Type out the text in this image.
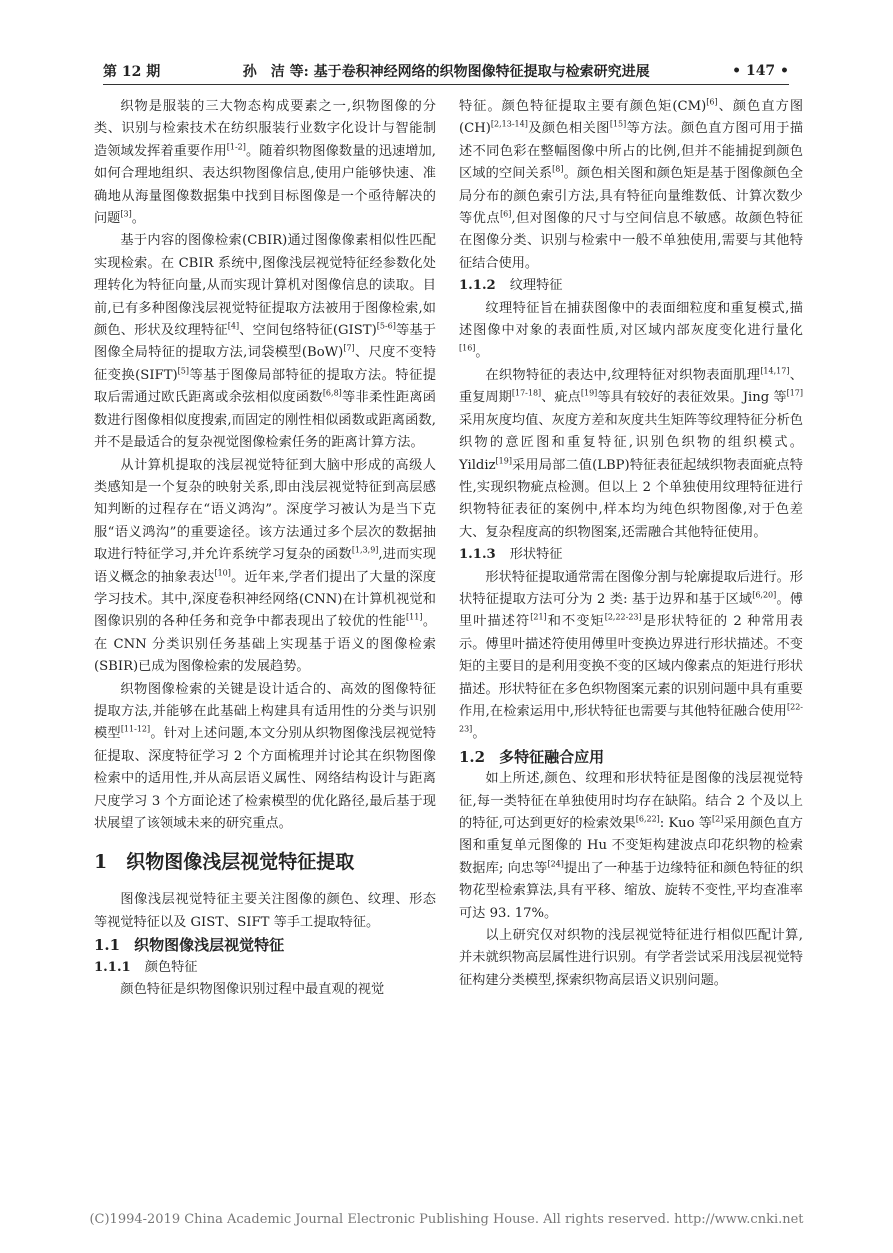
第 12 期	孙　洁 等: 基于卷积神经网络的织物图像特征提取与检索研究进展	• 147 •

织物是服装的三大物态构成要素之一,织物图像的分类、识别与检索技术在纺织服装行业数字化设计与智能制造领域发挥着重要作用[1-2]。随着织物图像数量的迅速增加,如何合理地组织、表达织物图像信息,使用户能够快速、准确地从海量图像数据集中找到目标图像是一个亟待解决的问题[3]。

基于内容的图像检索(CBIR)通过图像像素相似性匹配实现检索。在 CBIR 系统中,图像浅层视觉特征经参数化处理转化为特征向量,从而实现计算机对图像信息的读取。目前,已有多种图像浅层视觉特征提取方法被用于图像检索,如颜色、形状及纹理特征[4]、空间包络特征(GIST)[5-6]等基于图像全局特征的提取方法,词袋模型(BoW)[7]、尺度不变特征变换(SIFT)[5]等基于图像局部特征的提取方法。特征提取后需通过欧氏距离或余弦相似度函数[6,8]等非柔性距离函数进行图像相似度搜索,而固定的刚性相似函数或距离函数,并不是最适合的复杂视觉图像检索任务的距离计算方法。

从计算机提取的浅层视觉特征到大脑中形成的高级人类感知是一个复杂的映射关系,即由浅层视觉特征到高层感知判断的过程存在“语义鸿沟”。深度学习被认为是当下克服“语义鸿沟”的重要途径。该方法通过多个层次的数据抽取进行特征学习,并允许系统学习复杂的函数[1,3,9],进而实现语义概念的抽象表达[10]。近年来,学者们提出了大量的深度学习技术。其中,深度卷积神经网络(CNN)在计算机视觉和图像识别的各种任务和竞争中都表现出了较优的性能[11]。在 CNN 分类识别任务基础上实现基于语义的图像检索(SBIR)已成为图像检索的发展趋势。

织物图像检索的关键是设计适合的、高效的图像特征提取方法,并能够在此基础上构建具有适用性的分类与识别模型[11-12]。针对上述问题,本文分别从织物图像浅层视觉特征提取、深度特征学习 2 个方面梳理并讨论其在织物图像检索中的适用性,并从高层语义属性、网络结构设计与距离尺度学习 3 个方面论述了检索模型的优化路径,最后基于现状展望了该领域未来的研究重点。

1　 织物图像浅层视觉特征提取

图像浅层视觉特征主要关注图像的颜色、纹理、形态等视觉特征以及 GIST、SIFT 等手工提取特征。

1.1 织物图像浅层视觉特征
1.1.1 颜色特征

颜色特征是织物图像识别过程中最直观的视觉

特征。颜色特征提取主要有颜色矩(CM)[6]、颜色直方图(CH)[2,13-14]及颜色相关图[15]等方法。颜色直方图可用于描述不同色彩在整幅图像中所占的比例,但并不能捕捉到颜色区域的空间关系[8]。颜色相关图和颜色矩是基于图像颜色全局分布的颜色索引方法,具有特征向量维数低、计算次数少等优点[6],但对图像的尺寸与空间信息不敏感。故颜色特征在图像分类、识别与检索中一般不单独使用,需要与其他特征结合使用。

1.1.2 纹理特征

纹理特征旨在捕获图像中的表面细粒度和重复模式,描述图像中对象的表面性质,对区域内部灰度变化进行量化[16]。

在织物特征的表达中,纹理特征对织物表面肌理[14,17]、重复周期[17-18]、疵点[19]等具有较好的表征效果。Jing 等[17]采用灰度均值、灰度方差和灰度共生矩阵等纹理特征分析色织物的意匠图和重复特征,识别色织物的组织模式。Yildiz[19]采用局部二值(LBP)特征表征起绒织物表面疵点特性,实现织物疵点检测。但以上 2 个单独使用纹理特征进行织物特征表征的案例中,样本均为纯色织物图像,对于色差大、复杂程度高的织物图案,还需融合其他特征使用。

1.1.3 形状特征

形状特征提取通常需在图像分割与轮廓提取后进行。形状特征提取方法可分为 2 类: 基于边界和基于区域[6,20]。傅里叶描述符[21]和不变矩[2,22-23]是形状特征的 2 种常用表示。傅里叶描述符使用傅里叶变换边界进行形状描述。不变矩的主要目的是利用变换不变的区域内像素点的矩进行形状描述。形状特征在多色织物图案元素的识别问题中具有重要作用,在检索运用中,形状特征也需要与其他特征融合使用[22-23]。

1.2 多特征融合应用

如上所述,颜色、纹理和形状特征是图像的浅层视觉特征,每一类特征在单独使用时均存在缺陷。结合 2 个及以上的特征,可达到更好的检索效果[6,22]: Kuo 等[2]采用颜色直方图和重复单元图像的 Hu 不变矩构建波点印花织物的检索数据库; 向忠等[24]提出了一种基于边缘特征和颜色特征的织物花型检索算法,具有平移、缩放、旋转不变性,平均查准率可达 93. 17%。

以上研究仅对织物的浅层视觉特征进行相似匹配计算,并未就织物高层属性进行识别。有学者尝试采用浅层视觉特征构建分类模型,探索织物高层语义识别问题。

(C)1994-2019 China Academic Journal Electronic Publishing House. All rights reserved. http://www.cnki.net
